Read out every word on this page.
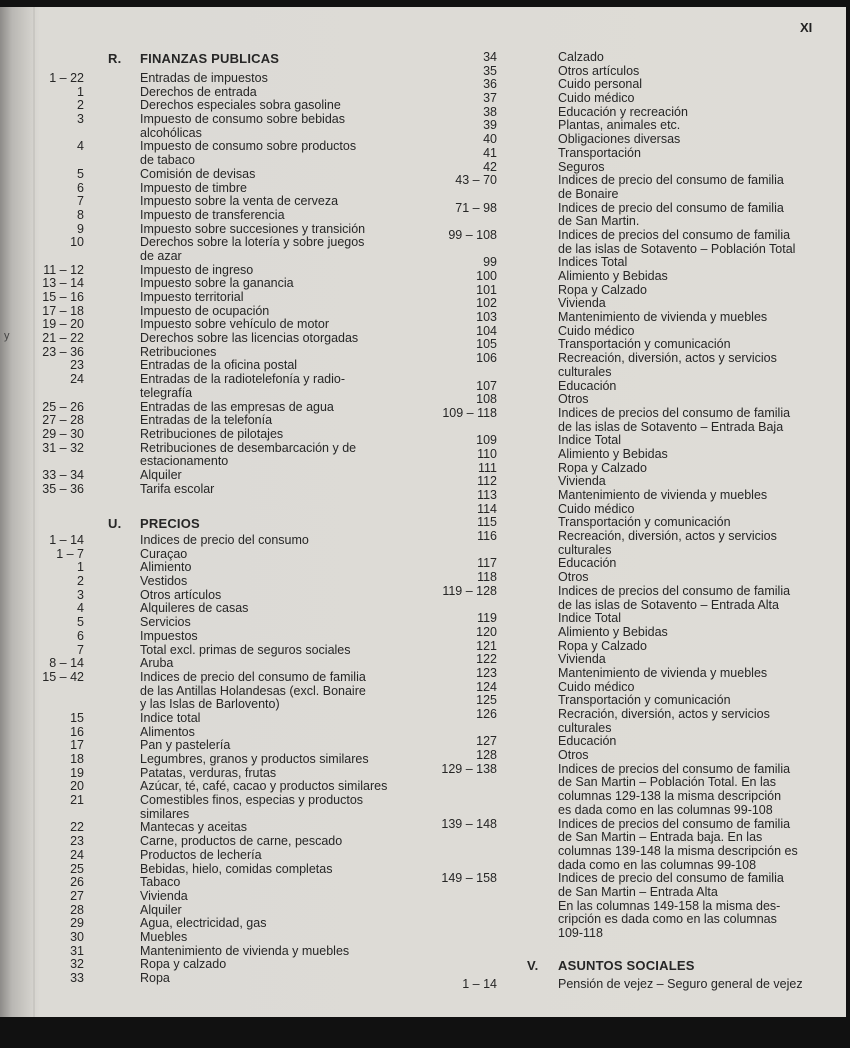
XI
y
R. FINANZAS PUBLICAS
1 – 22	Entradas de impuestos
1	Derechos de entrada
2	Derechos especiales sobra gasoline
3	Impuesto de consumo sobre bebidas
alcohólicas
4	Impuesto de consumo sobre productos
de tabaco
5	Comisión de devisas
6	Impuesto de timbre
7	Impuesto sobre la venta de cerveza
8	Impuesto de transferencia
9	Impuesto sobre succesiones y transición
10	Derechos sobre la lotería y sobre juegos
de azar
11 – 12	Impuesto de ingreso
13 – 14	Impuesto sobre la ganancia
15 – 16	Impuesto territorial
17 – 18	Impuesto de ocupación
19 – 20	Impuesto sobre vehículo de motor
21 – 22	Derechos sobre las licencias otorgadas
23 – 36	Retribuciones
23	Entradas de la oficina postal
24	Entradas de la radiotelefonía y radio-
telegrafía
25 – 26	Entradas de las empresas de agua
27 – 28	Entradas de la telefonía
29 – 30	Retribuciones de pilotajes
31 – 32	Retribuciones de desembarcación y de
estacionamento
33 – 34	Alquiler
35 – 36	Tarifa escolar
U. PRECIOS
1 – 14	Indices de precio del consumo
1 – 7	Curaçao
1	Alimiento
2	Vestidos
3	Otros artículos
4	Alquileres de casas
5	Servicios
6	Impuestos
7	Total excl. primas de seguros sociales
8 – 14	Aruba
15 – 42	Indices de precio del consumo de familia
de las Antillas Holandesas (excl. Bonaire
y las Islas de Barlovento)
15	Indice total
16	Alimentos
17	Pan y pastelería
18	Legumbres, granos y productos similares
19	Patatas, verduras, frutas
20	Azúcar, té, café, cacao y productos similares
21	Comestibles finos, especias y productos
similares
22	Mantecas y aceitas
23	Carne, productos de carne, pescado
24	Productos de lechería
25	Bebidas, hielo, comidas completas
26	Tabaco
27	Vivienda
28	Alquiler
29	Agua, electricidad, gas
30	Muebles
31	Mantenimiento de vivienda y muebles
32	Ropa y calzado
33	Ropa
34	Calzado
35	Otros artículos
36	Cuido personal
37	Cuido médico
38	Educación y recreación
39	Plantas, animales etc.
40	Obligaciones diversas
41	Transportación
42	Seguros
43 – 70	Indices de precio del consumo de familia
de Bonaire
71 – 98	Indices de precio del consumo de familia
de San Martin.
99 – 108	Indices de precios del consumo de familia
de las islas de Sotavento – Población Total
99	Indices Total
100	Alimiento y Bebidas
101	Ropa y Calzado
102	Vivienda
103	Mantenimiento de vivienda y muebles
104	Cuido médico
105	Transportación y comunicación
106	Recreación, diversión, actos y servicios
culturales
107	Educación
108	Otros
109 – 118	Indices de precios del consumo de familia
de las islas de Sotavento – Entrada Baja
109	Indice Total
110	Alimiento y Bebidas
111	Ropa y Calzado
112	Vivienda
113	Mantenimiento de vivienda y muebles
114	Cuido médico
115	Transportación y comunicación
116	Recreación, diversión, actos y servicios
culturales
117	Educación
118	Otros
119 – 128	Indices de precios del consumo de familia
de las islas de Sotavento – Entrada Alta
119	Indice Total
120	Alimiento y Bebidas
121	Ropa y Calzado
122	Vivienda
123	Mantenimiento de vivienda y muebles
124	Cuido médico
125	Transportación y comunicación
126	Recración, diversión, actos y servicios
culturales
127	Educación
128	Otros
129 – 138	Indices de precios del consumo de familia
de San Martin – Población Total. En las
columnas 129-138 la misma descripción
es dada como en las columnas 99-108
139 – 148	Indices de precios del consumo de familia
de San Martin – Entrada baja. En las
columnas 139-148 la misma descripción es
dada como en las columnas 99-108
149 – 158	Indices de precio del consumo de familia
de San Martin – Entrada Alta
En las columnas 149-158 la misma des-
cripción es dada como en las columnas
109-118
V. ASUNTOS SOCIALES
1 – 14	Pensión de vejez – Seguro general de vejez
